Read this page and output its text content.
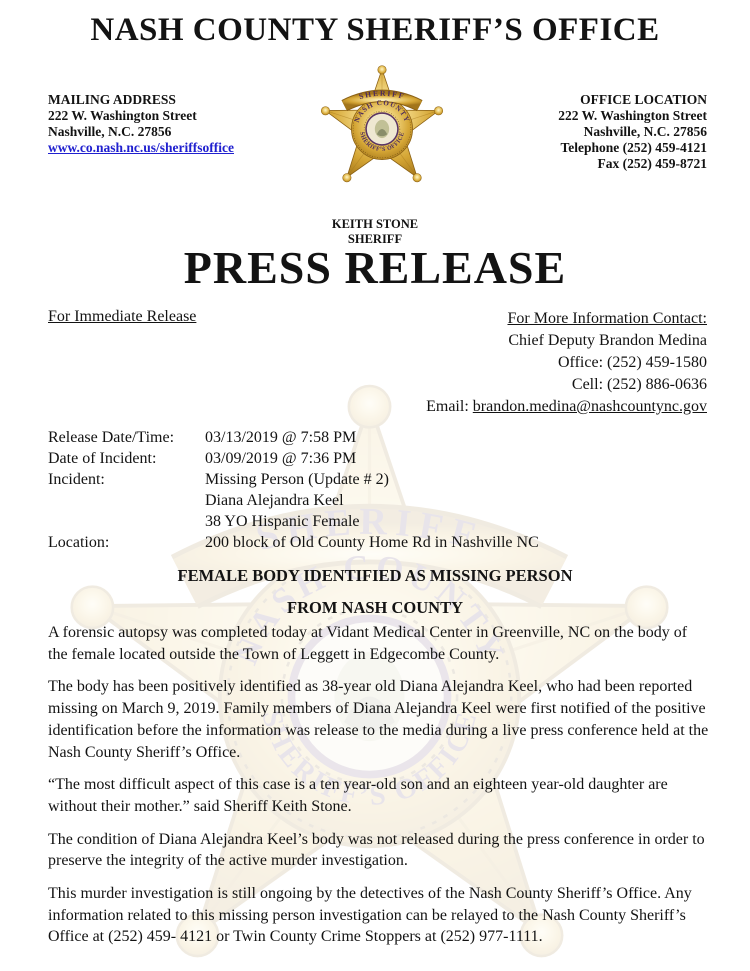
NASH COUNTY SHERIFF’S OFFICE
MAILING ADDRESS
222 W. Washington Street
Nashville, N.C. 27856
www.co.nash.nc.us/sheriffsoffice
OFFICE LOCATION
222 W. Washington Street
Nashville, N.C. 27856
Telephone (252) 459-4121
Fax (252) 459-8721
KEITH STONE
SHERIFF
PRESS RELEASE
For Immediate Release	For More Information Contact:
Chief Deputy Brandon Medina
Office: (252) 459-1580
Cell: (252) 886-0636
Email: brandon.medina@nashcountync.gov
Release Date/Time: 03/13/2019 @ 7:58 PM
Date of Incident:	03/09/2019 @ 7:36 PM
Incident:	Missing Person (Update # 2)
Diana Alejandra Keel
38 YO Hispanic Female
Location:	200 block of Old County Home Rd in Nashville NC
FEMALE BODY IDENTIFIED AS MISSING PERSON
FROM NASH COUNTY

A forensic autopsy was completed today at Vidant Medical Center in Greenville, NC on the body of the female located outside the Town of Leggett in Edgecombe County.

The body has been positively identified as 38-year old Diana Alejandra Keel, who had been reported missing on March 9, 2019. Family members of Diana Alejandra Keel were first notified of the positive identification before the information was release to the media during a live press conference held at the Nash County Sheriff’s Office.

“The most difficult aspect of this case is a ten year-old son and an eighteen year-old daughter are without their mother.” said Sheriff Keith Stone.

The condition of Diana Alejandra Keel’s body was not released during the press conference in order to preserve the integrity of the active murder investigation.

This murder investigation is still ongoing by the detectives of the Nash County Sheriff’s Office. Any information related to this missing person investigation can be relayed to the Nash County Sheriff’s Office at (252) 459- 4121 or Twin County Crime Stoppers at (252) 977-1111.
